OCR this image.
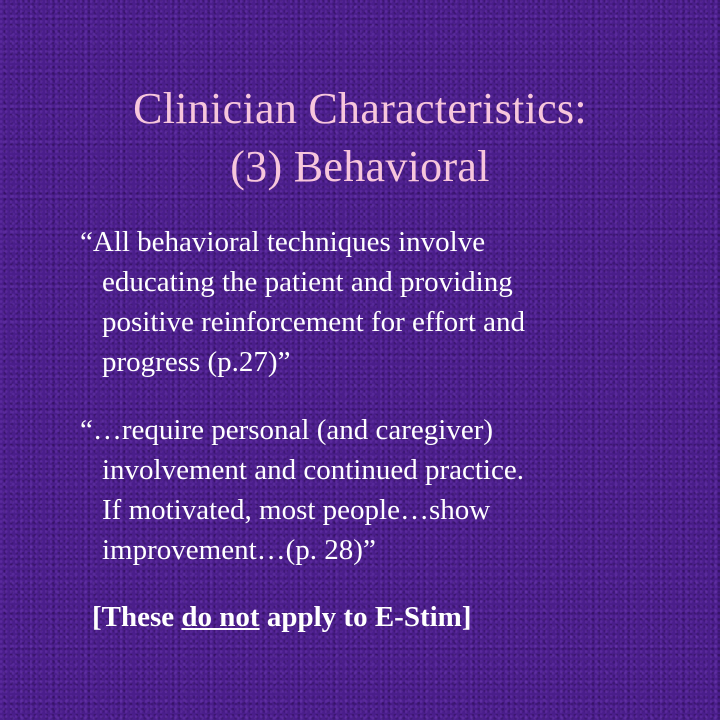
Clinician Characteristics:
(3) Behavioral
“All behavioral techniques involve
educating the patient and providing
positive reinforcement for effort and
progress (p.27)”
“…require personal (and caregiver)
involvement and continued practice.
If motivated, most people…show
improvement…(p. 28)”
[These do not apply to E-Stim]
